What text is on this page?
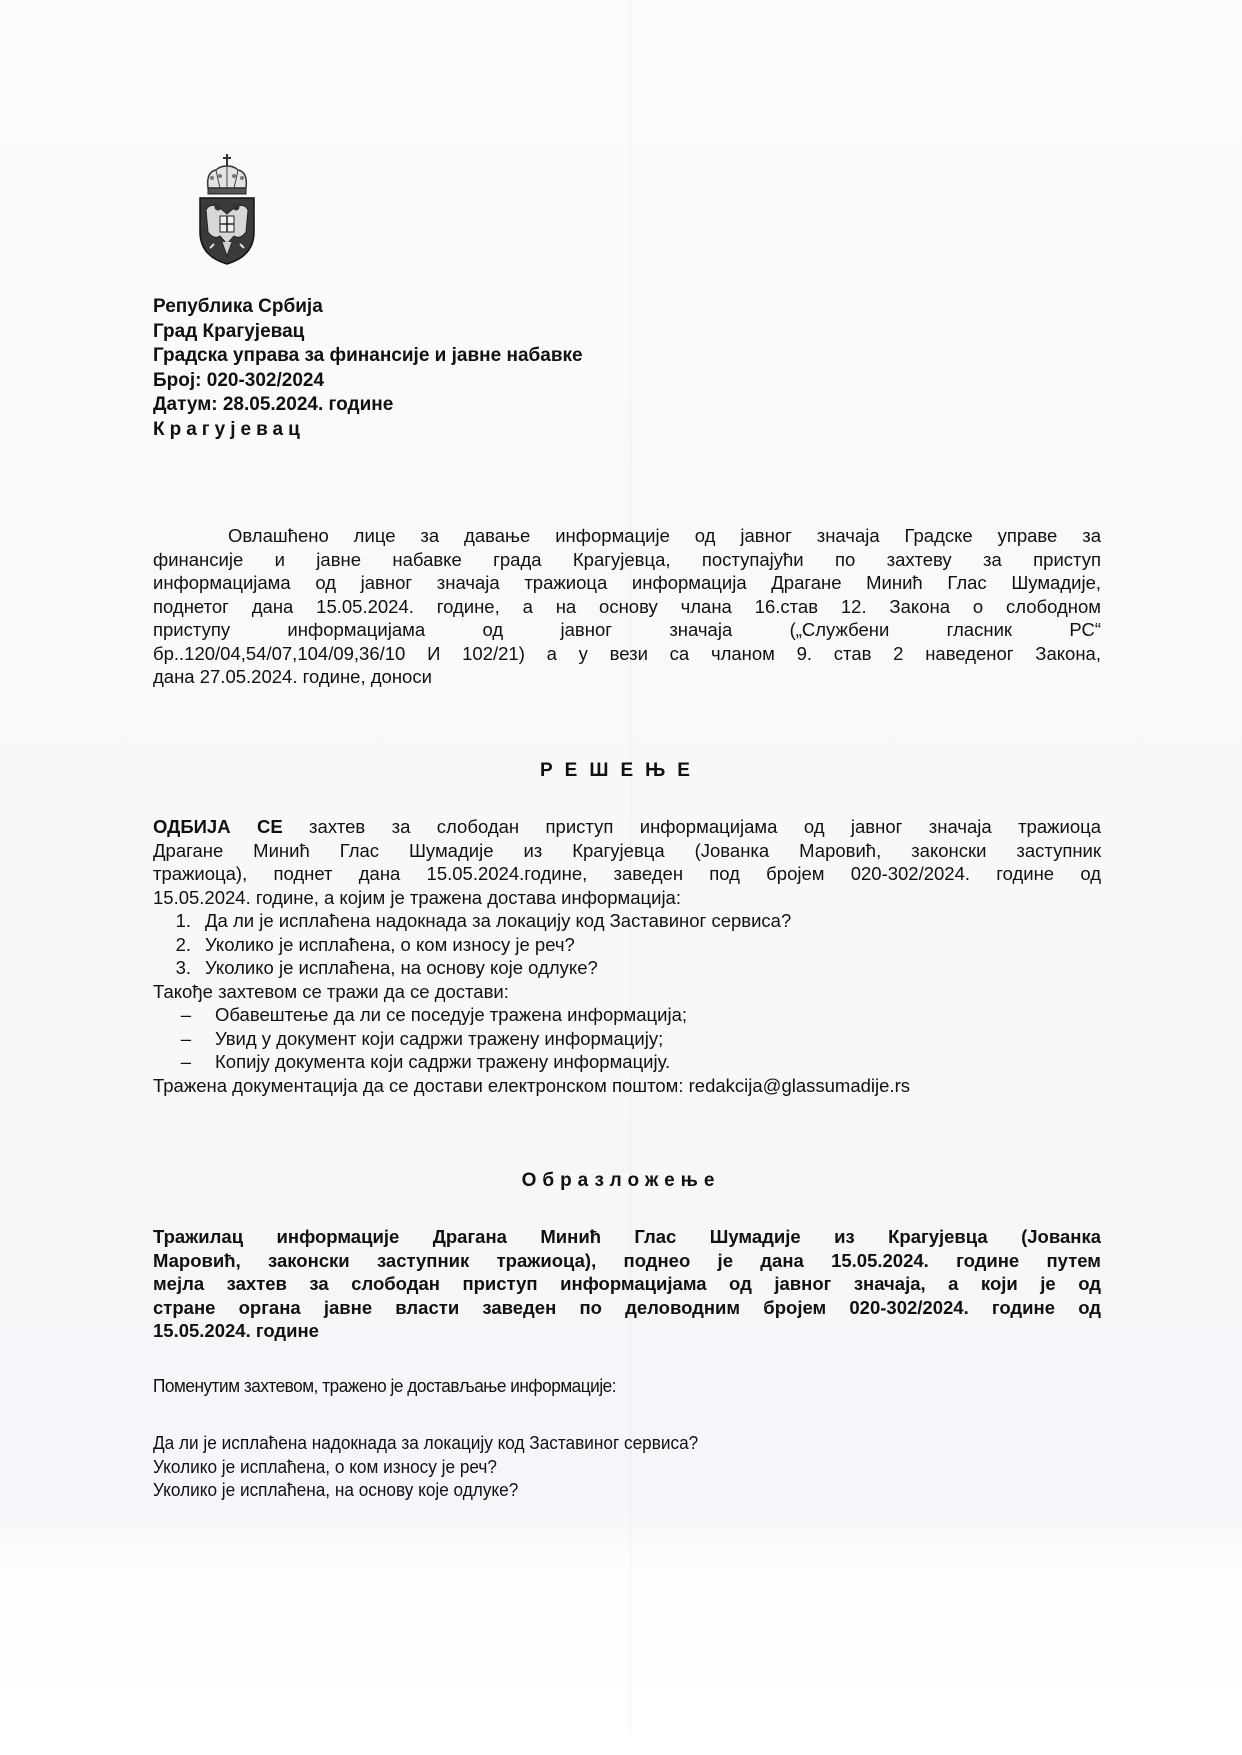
Република Србија
Град Крагујевац
Градска управа за финансије и јавне набавке
Број: 020-302/2024
Датум: 28.05.2024. године
Крагујевац
Овлашћено лице за давање информације од јавног значаја Градске управе за
финансије и јавне набавке града Крагујевца, поступајући по захтеву за приступ
информацијама од јавног значаја тражиоца информација Драгане Минић Глас Шумадије,
поднетог дана 15.05.2024. године, а на основу члана 16.став 12. Закона о слободном
приступу информацијама од јавног значаја („Службени гласник РС“
бр..120/04,54/07,104/09,36/10 И 102/21) а у вези са чланом 9. став 2 наведеног Закона,
дана 27.05.2024. године, доноси
РЕШЕЊЕ
ОДБИЈА СЕ захтев за слободан приступ информацијама од јавног значаја тражиоца
Драгане Минић Глас Шумадије из Крагујевца (Јованка Маровић, законски заступник
тражиоца), поднет дана 15.05.2024.године, заведен под бројем 020-302/2024. године од
15.05.2024. године, а којим је тражена достава информација:
1. Да ли је исплаћена надокнада за локацију код Заставиног сервиса?
2. Уколико је исплаћена, о ком износу је реч?
3. Уколико је исплаћена, на основу које одлуке?
Такође захтевом се тражи да се достави:
– Обавештење да ли се поседује тражена информација;
– Увид у документ који садржи тражену информацију;
– Копију документа који садржи тражену информацију.
Тражена документација да се достави електронском поштом: redakcija@glassumadije.rs
Образложење
Тражилац информације Драгана Минић Глас Шумадије из Крагујевца (Јованка
Маровић, законски заступник тражиоца), поднео је дана 15.05.2024. године путем
мејла захтев за слободан приступ информацијама од јавног значаја, а који је од
стране органа јавне власти заведен по деловодним бројем 020-302/2024. године од
15.05.2024. године
Поменутим захтевом, тражено је достављање информације:
Да ли је исплаћена надокнада за локацију код Заставиног сервиса?
Уколико је исплаћена, о ком износу је реч?
Уколико је исплаћена, на основу које одлуке?
